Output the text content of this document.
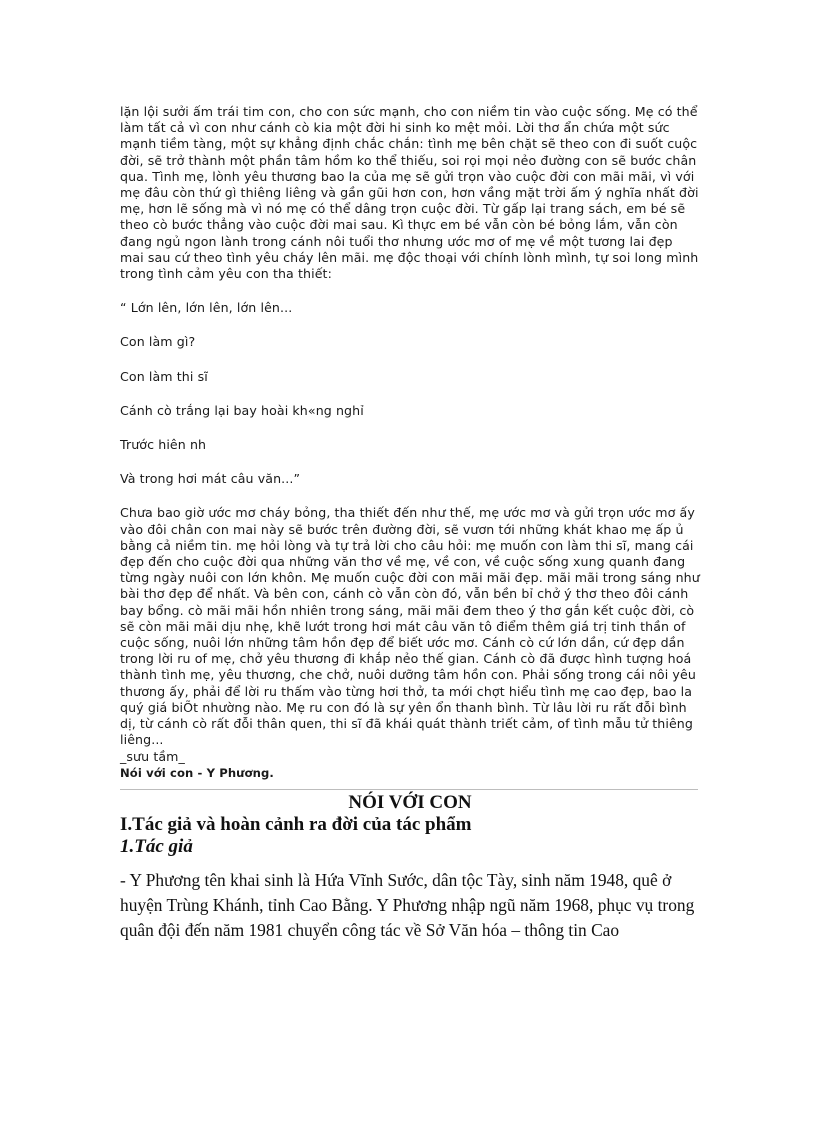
lặn lội sưởi ấm trái tim con, cho con sức mạnh, cho con niềm tin vào cuộc sống. Mẹ có thể làm tất cả vì con như cánh cò kia một đời hi sinh ko mệt mỏi. Lời thơ ẩn chứa một sức mạnh tiềm tàng, một sự khẳng định chắc chắn: tình mẹ bên chặt sẽ theo con đi suốt cuộc đời, sẽ trở thành một phần tâm hồm ko thể thiếu, soi rọi mọi nẻo đường con sẽ bước chân qua. Tình mẹ, lònh yêu thương bao la của mẹ sẽ gửi trọn vào cuộc đời con mãi mãi, vì với mẹ đâu còn thứ gì thiêng liêng và gần gũi hơn con, hơn vầng mặt trời ấm ý nghĩa nhất đời mẹ, hơn lẽ sống mà vì nó mẹ có thể dâng trọn cuộc đời. Từ gấp lại trang sách, em bé sẽ theo cò bước thẳng vào cuộc đời mai sau. Kì thực em bé vẫn còn bé bỏng lắm, vẫn còn đang ngủ ngon lành trong cánh nôi tuổi thơ nhưng ước mơ of mẹ về một tương lai đẹp mai sau cứ theo tình yêu cháy lên mãi. mẹ độc thoại với chính lònh mình, tự soi long mình trong tình cảm yêu con tha thiết:

“ Lớn lên, lớn lên, lớn lên...

Con làm gì?

Con làm thi sĩ

Cánh cò trắng lại bay hoài kh«ng nghỉ

Trước hiên nh

Và trong hơi mát câu văn...”

Chưa bao giờ ước mơ cháy bỏng, tha thiết đến như thế, mẹ ước mơ và gửi trọn ước mơ ấy vào đôi chân con mai này sẽ bước trên đường đời, sẽ vươn tới những khát khao mẹ ấp ủ bằng cả niềm tin. mẹ hỏi lòng và tự trả lời cho câu hỏi: mẹ muốn con làm thi sĩ, mang cái đẹp đến cho cuộc đời qua những văn thơ về mẹ, về con, về cuộc sống xung quanh đang từng ngày nuôi con lớn khôn. Mẹ muốn cuộc đời con mãi mãi đẹp. mãi mãi trong sáng như bài thơ đẹp để nhất. Và bên con, cánh cò vẫn còn đó, vẫn bền bỉ chở ý thơ theo đôi cánh bay bổng. cò mãi mãi hồn nhiên trong sáng, mãi mãi đem theo ý thơ gắn kết cuộc đời, cò sẽ còn mãi mãi dịu nhẹ, khẽ lướt trong hơi mát câu văn tô điểm thêm giá trị tinh thần of cuộc sống, nuôi lớn những tâm hồn đẹp để biết ước mơ. Cánh cò cứ lớn dần, cứ đẹp dần trong lời ru of mẹ, chở yêu thương đi khắp nẻo thế gian. Cánh cò đã được hình tượng hoá thành tình mẹ, yêu thương, che chở, nuôi dưỡng tâm hồn con. Phải sống trong cái nôi yêu thương ấy, phải để lời ru thấm vào từng hơi thở, ta mới chợt hiểu tình mẹ cao đẹp, bao la quý giá biÕt nhường nào. Mẹ ru con đó là sự yên ổn thanh bình. Từ lâu lời ru rất đỗi bình dị, từ cánh cò rất đỗi thân quen, thi sĩ đã khái quát thành triết cảm, of tình mẫu tử thiêng liêng...

_sưu tầm_

Nói với con - Y Phương.

NÓI VỚI CON

I.Tác giả và hoàn cảnh ra đời của tác phẩm

1.Tác giả

- Y Phương tên khai sinh là Hứa Vĩnh Sước, dân tộc Tày, sinh năm 1948, quê ở huyện Trùng Khánh, tỉnh Cao Bằng. Y Phương nhập ngũ năm 1968, phục vụ trong quân đội đến năm 1981 chuyển công tác về Sở Văn hóa – thông tin Cao
